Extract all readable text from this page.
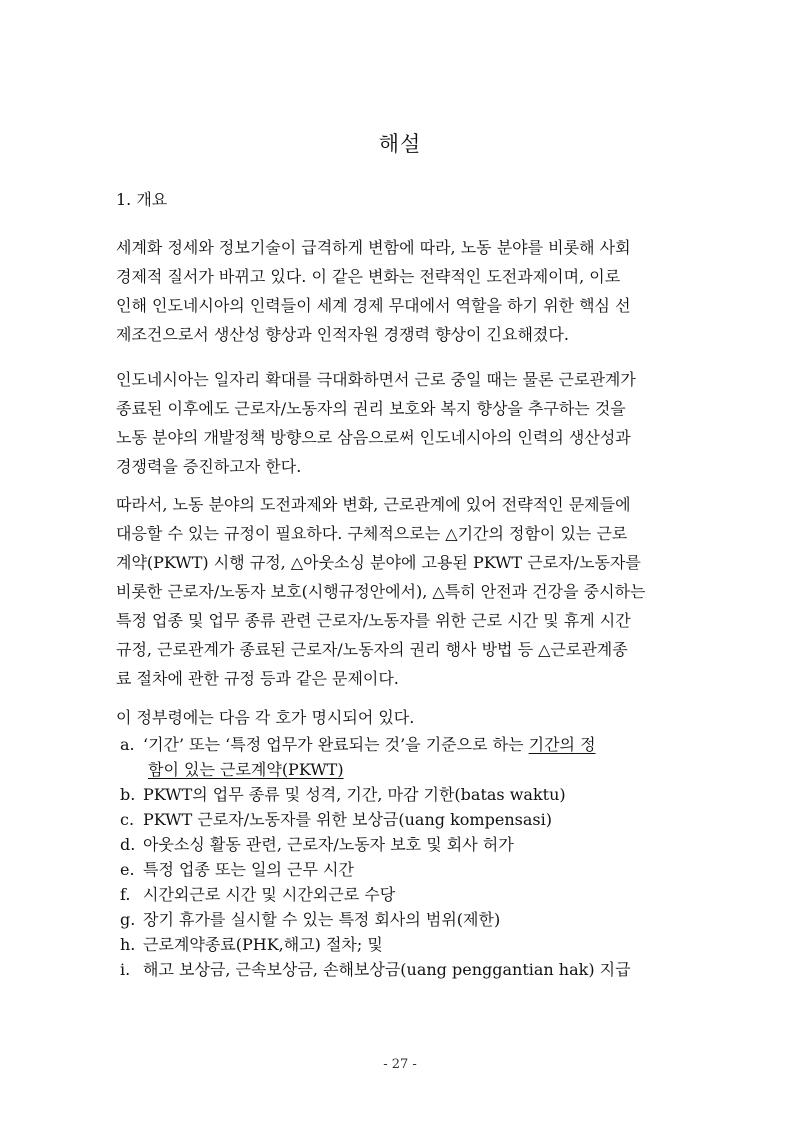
해설
1. 개요

세계화 정세와 정보기술이 급격하게 변함에 따라, 노동 분야를 비롯해 사회
경제적 질서가 바뀌고 있다. 이 같은 변화는 전략적인 도전과제이며, 이로
인해 인도네시아의 인력들이 세계 경제 무대에서 역할을 하기 위한 핵심 선
제조건으로서 생산성 향상과 인적자원 경쟁력 향상이 긴요해졌다.

인도네시아는 일자리 확대를 극대화하면서 근로 중일 때는 물론 근로관계가
종료된 이후에도 근로자/노동자의 권리 보호와 복지 향상을 추구하는 것을
노동 분야의 개발정책 방향으로 삼음으로써 인도네시아의 인력의 생산성과
경쟁력을 증진하고자 한다.

따라서, 노동 분야의 도전과제와 변화, 근로관계에 있어 전략적인 문제들에
대응할 수 있는 규정이 필요하다. 구체적으로는 △기간의 정함이 있는 근로
계약(PKWT) 시행 규정, △아웃소싱 분야에 고용된 PKWT 근로자/노동자를
비롯한 근로자/노동자 보호(시행규정안에서), △특히 안전과 건강을 중시하는
특정 업종 및 업무 종류 관련 근로자/노동자를 위한 근로 시간 및 휴게 시간
규정, 근로관계가 종료된 근로자/노동자의 권리 행사 방법 등 △근로관계종
료 절차에 관한 규정 등과 같은 문제이다.

이 정부령에는 다음 각 호가 명시되어 있다.
a. ‘기간’ 또는 ‘특정 업무가 완료되는 것’을 기준으로 하는 기간의 정
함이 있는 근로계약(PKWT)
b. PKWT의 업무 종류 및 성격, 기간, 마감 기한(batas waktu)
c. PKWT 근로자/노동자를 위한 보상금(uang kompensasi)
d. 아웃소싱 활동 관련, 근로자/노동자 보호 및 회사 허가
e. 특정 업종 또는 일의 근무 시간
f. 시간외근로 시간 및 시간외근로 수당
g. 장기 휴가를 실시할 수 있는 특정 회사의 범위(제한)
h. 근로계약종료(PHK,해고) 절차; 및
i. 해고 보상금, 근속보상금, 손해보상금(uang penggantian hak) 지급
- 27 -
